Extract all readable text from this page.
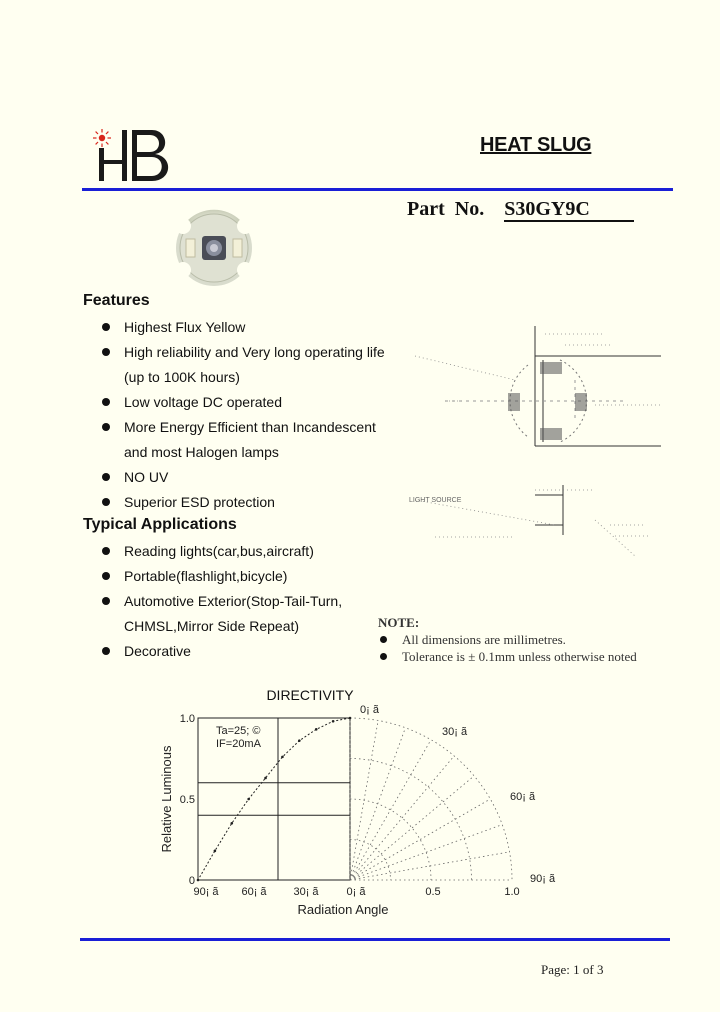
HEAT SLUG
Part  No. S30GY9C
Features
Highest Flux Yellow
High reliability and Very long operating life
(up to 100K hours)
Low voltage DC operated
More Energy Efficient than Incandescent
and most Halogen lamps
NO UV
Superior ESD protection
Typical Applications
Reading lights(car,bus,aircraft)
Portable(flashlight,bicycle)
Automotive Exterior(Stop-Tail-Turn,
CHMSL,Mirror Side Repeat)
Decorative
LIGHT SOURCE
NOTE:
All dimensions are millimetres.
Tolerance is ± 0.1mm unless otherwise noted
DIRECTIVITY
Ta=25; ©
IF=20mA
1.0
0.5
0
Relative Luminous
90¡ ã 60¡ ã 30¡ ã	0¡ ã	0.5	1.0
Radiation Angle
0¡ ã
30¡ ã
60¡ ã
90¡ ã
Page: 1 of 3
